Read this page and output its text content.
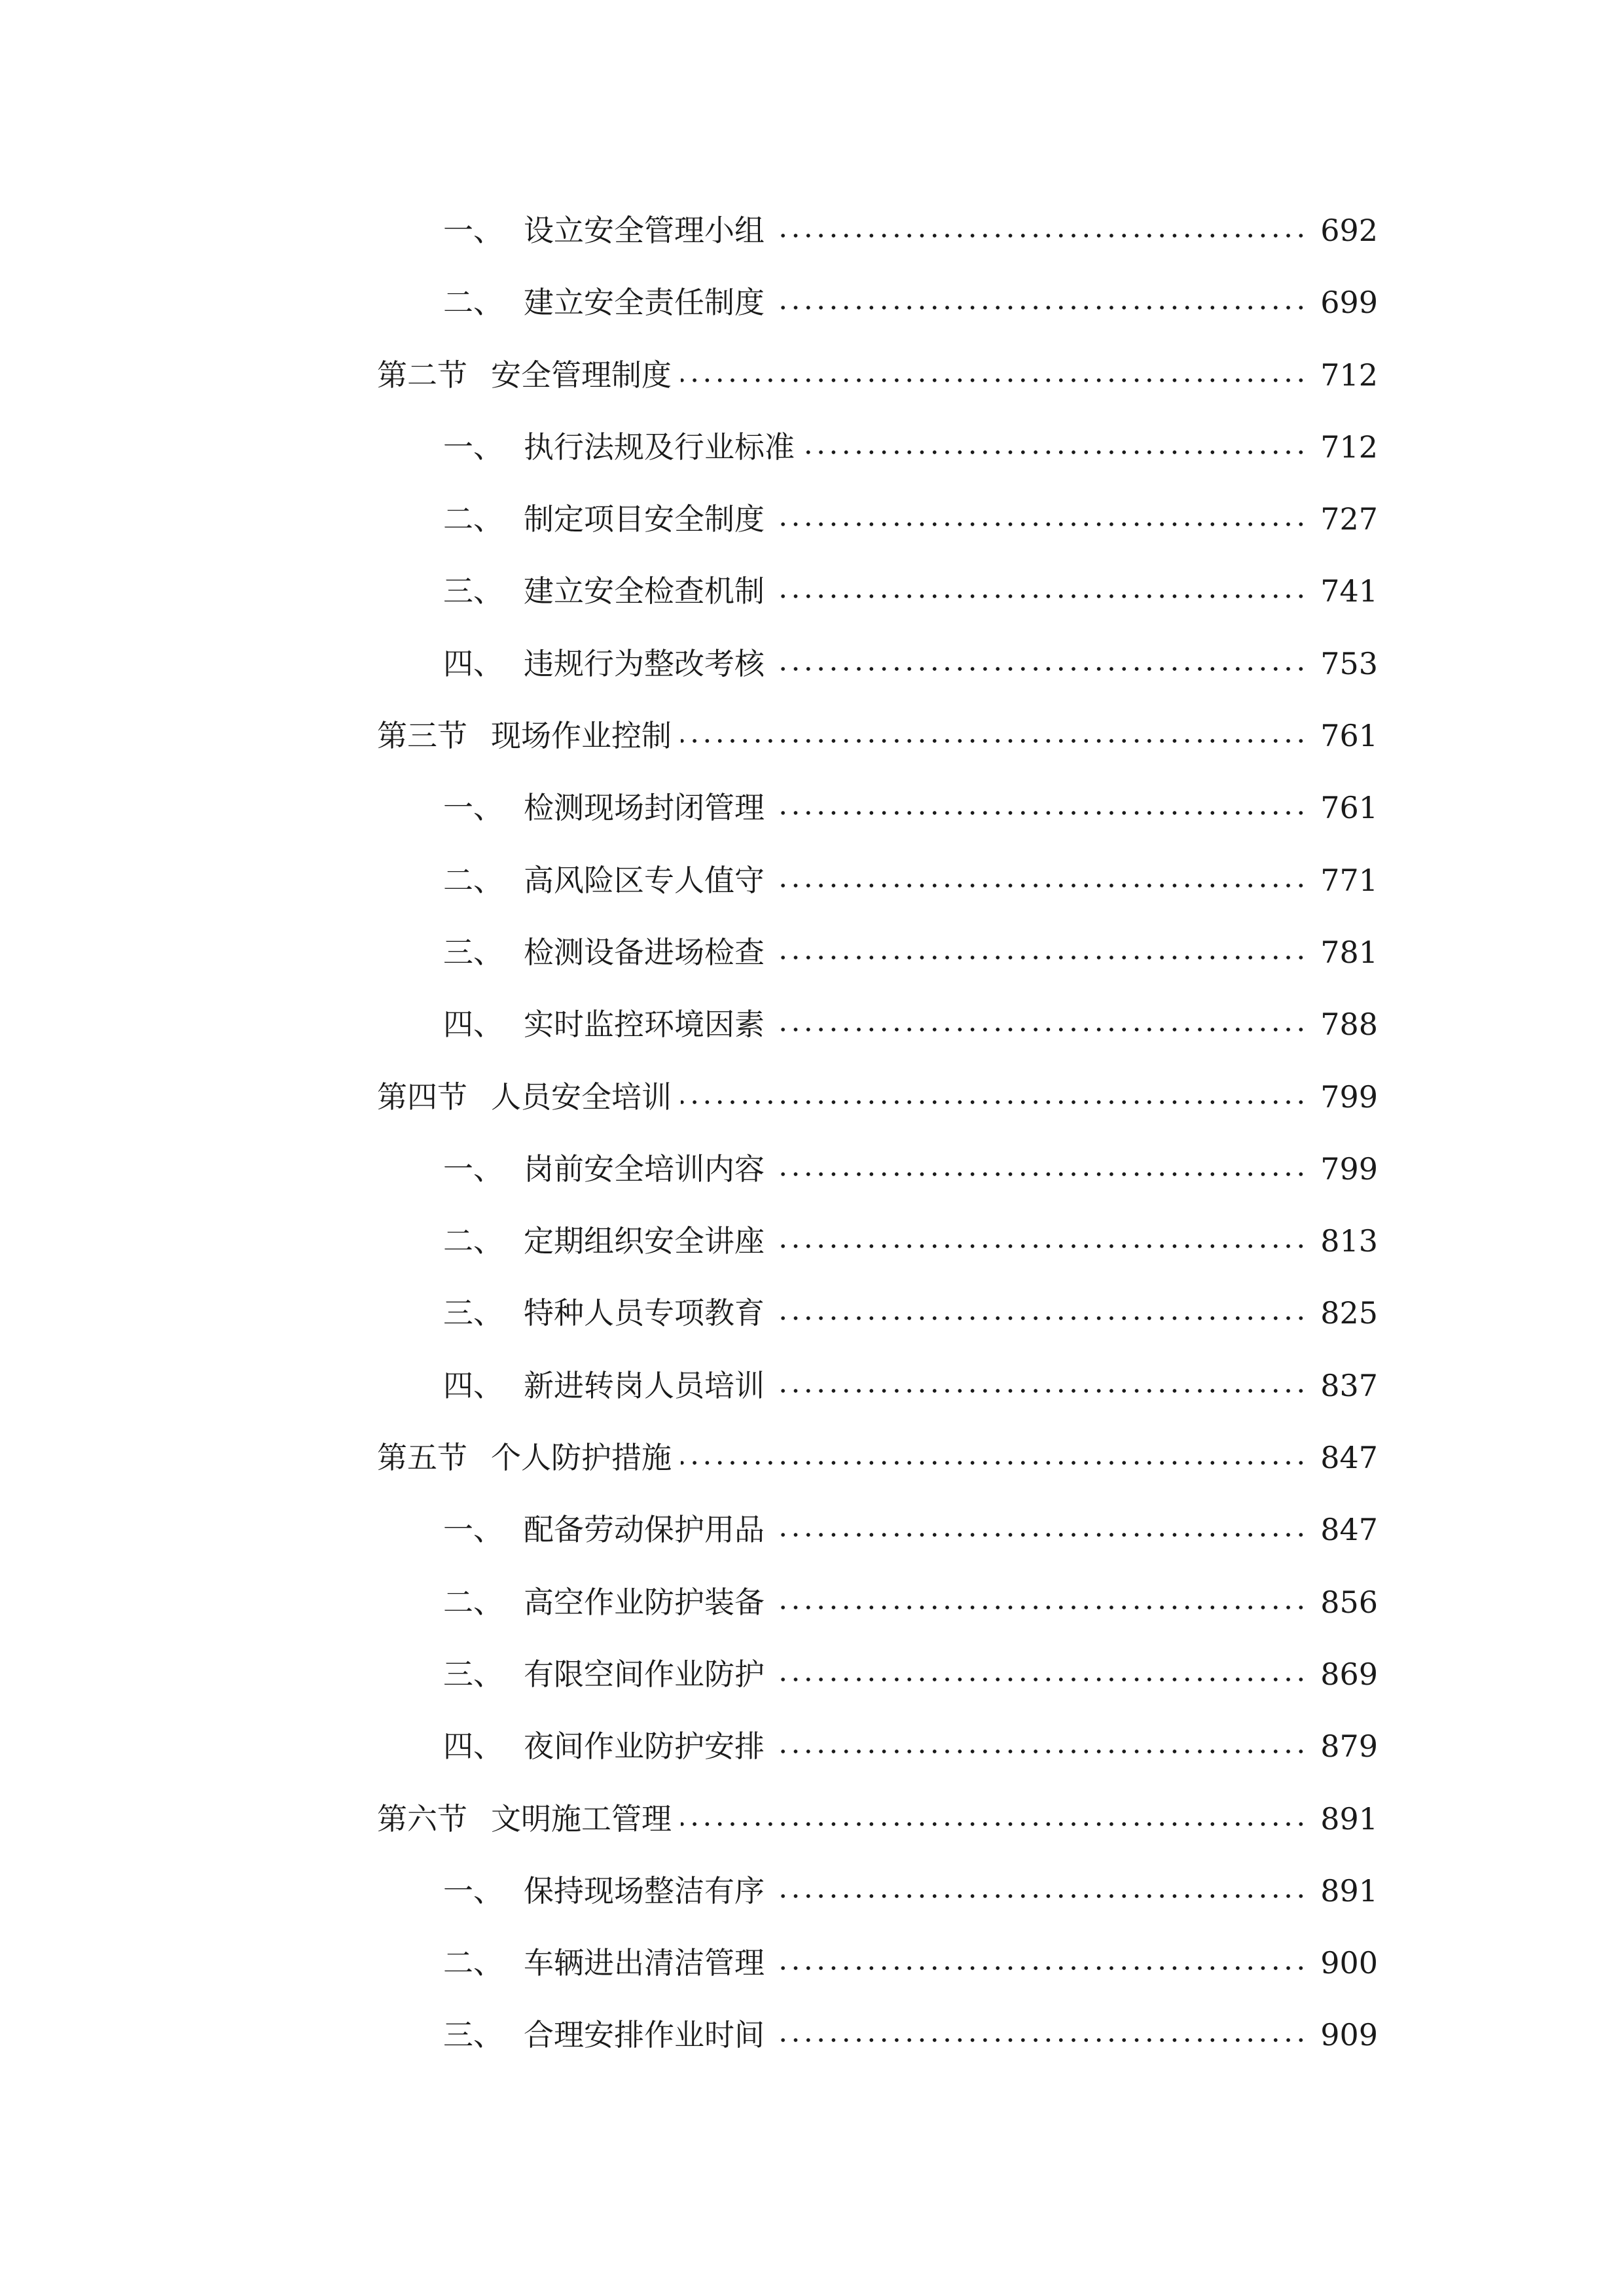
一、 设立安全管理小组	692
二、 建立安全责任制度	699
第二节 安全管理制度	712
一、 执行法规及行业标准	712
二、 制定项目安全制度	727
三、 建立安全检查机制	741
四、 违规行为整改考核	753
第三节 现场作业控制	761
一、 检测现场封闭管理	761
二、 高风险区专人值守	771
三、 检测设备进场检查	781
四、 实时监控环境因素	788
第四节 人员安全培训	799
一、 岗前安全培训内容	799
二、 定期组织安全讲座	813
三、 特种人员专项教育	825
四、 新进转岗人员培训	837
第五节 个人防护措施	847
一、 配备劳动保护用品	847
二、 高空作业防护装备	856
三、 有限空间作业防护	869
四、 夜间作业防护安排	879
第六节 文明施工管理	891
一、 保持现场整洁有序	891
二、 车辆进出清洁管理	900
三、 合理安排作业时间	909
